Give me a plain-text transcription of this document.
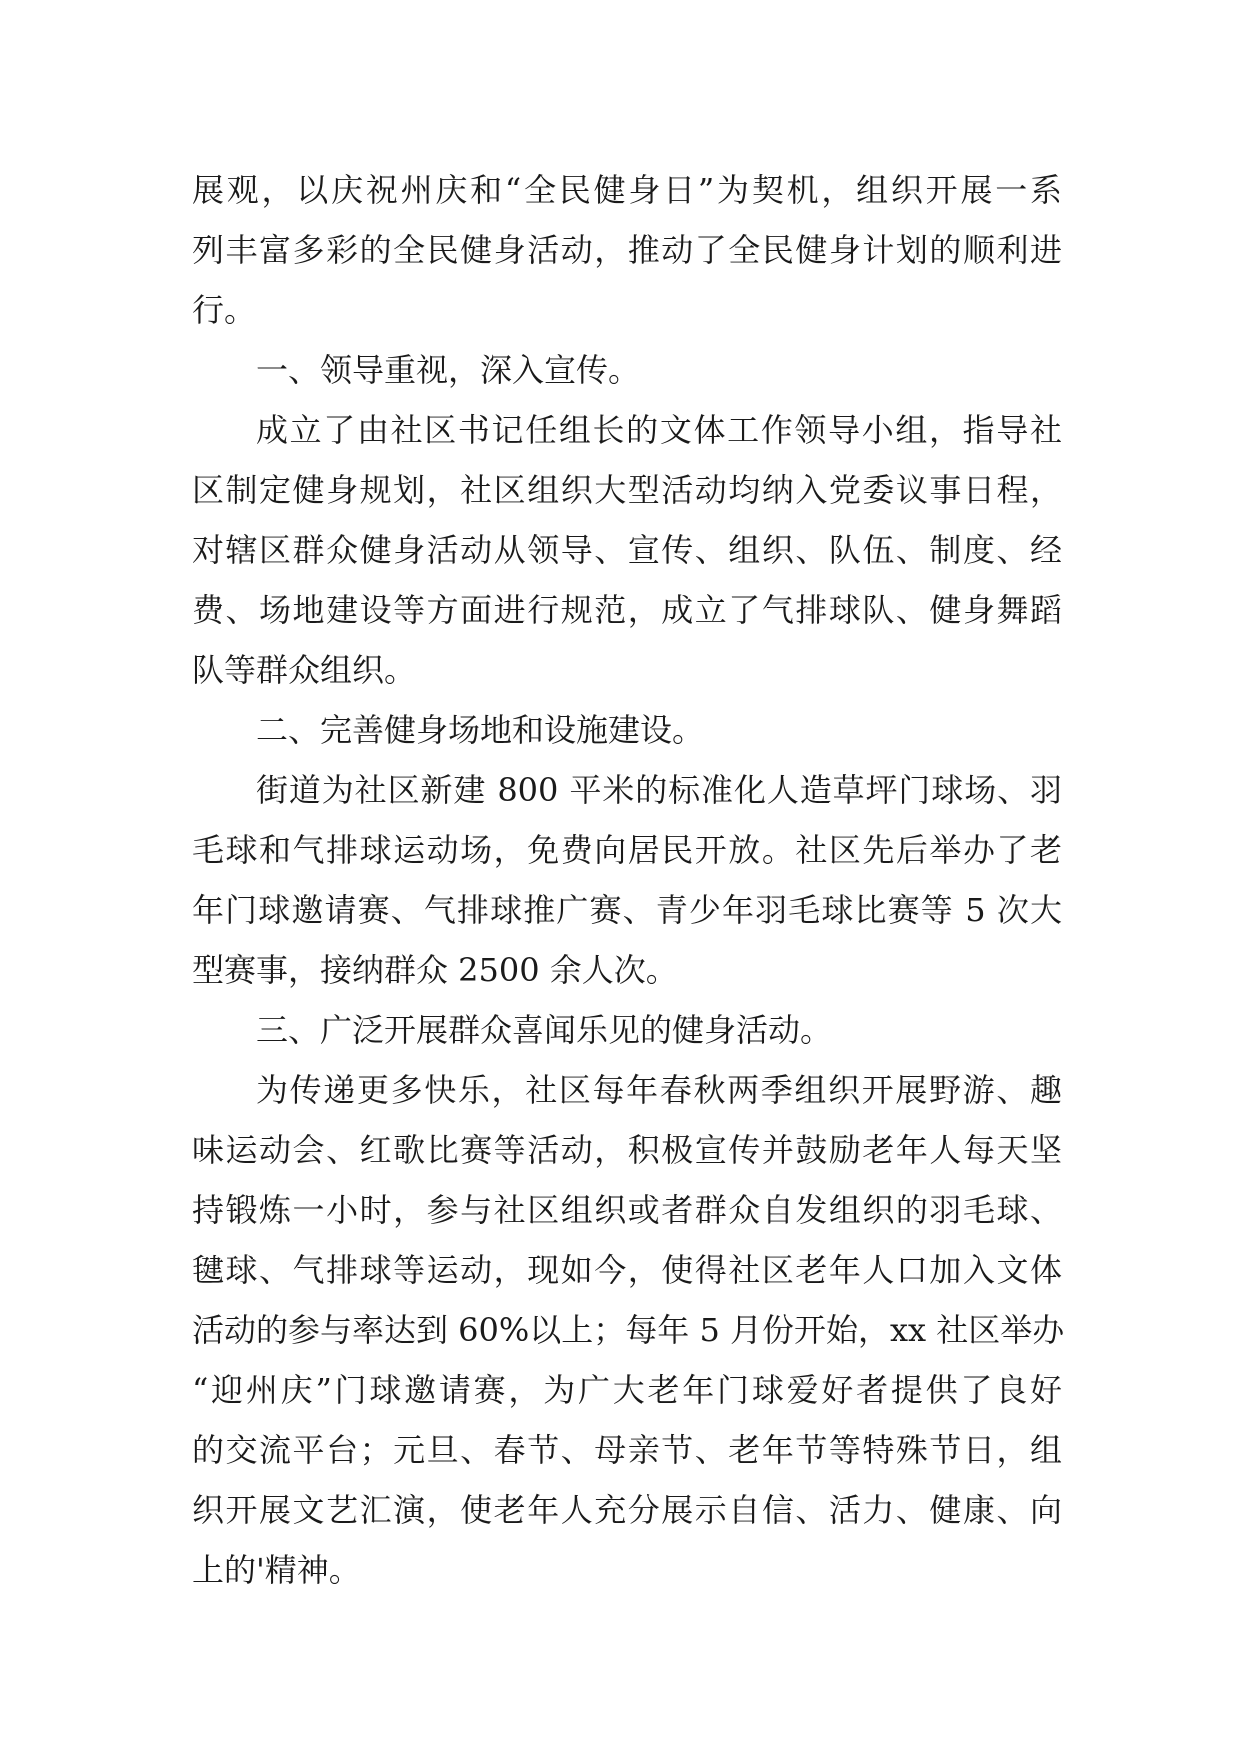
展观，以庆祝州庆和“全民健身日”为契机，组织开展一系
列丰富多彩的全民健身活动，推动了全民健身计划的顺利进
行。
一、领导重视，深入宣传。
成立了由社区书记任组长的文体工作领导小组，指导社
区制定健身规划，社区组织大型活动均纳入党委议事日程，
对辖区群众健身活动从领导、宣传、组织、队伍、制度、经
费、场地建设等方面进行规范，成立了气排球队、健身舞蹈
队等群众组织。
二、完善健身场地和设施建设。
街道为社区新建 800 平米的标准化人造草坪门球场、羽
毛球和气排球运动场，免费向居民开放。社区先后举办了老
年门球邀请赛、气排球推广赛、青少年羽毛球比赛等 5 次大
型赛事，接纳群众 2500 余人次。
三、广泛开展群众喜闻乐见的健身活动。
为传递更多快乐，社区每年春秋两季组织开展野游、趣
味运动会、红歌比赛等活动，积极宣传并鼓励老年人每天坚
持锻炼一小时，参与社区组织或者群众自发组织的羽毛球、
毽球、气排球等运动，现如今，使得社区老年人口加入文体
活动的参与率达到 60%以上；每年 5 月份开始，xx 社区举办
“迎州庆”门球邀请赛，为广大老年门球爱好者提供了良好
的交流平台；元旦、春节、母亲节、老年节等特殊节日，组
织开展文艺汇演，使老年人充分展示自信、活力、健康、向
上的'精神。
